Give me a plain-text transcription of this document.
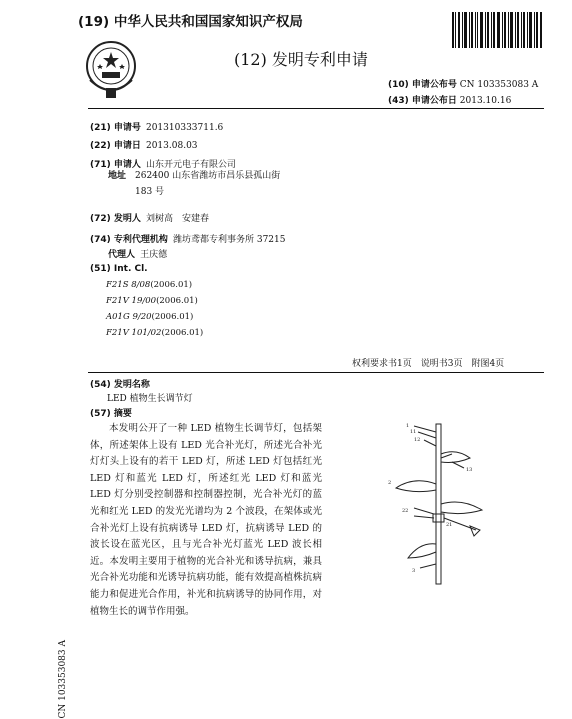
(19) 中华人民共和国国家知识产权局
(12) 发明专利申请
(10) 申请公布号 CN 103353083 A
(43) 申请公布日 2013.10.16
(21) 申请号 201310333711.6
(22) 申请日 2013.08.03
(71) 申请人 山东开元电子有限公司
地址 262400 山东省潍坊市昌乐县孤山街
183 号
(72) 发明人 刘树高　安建春
(74) 专利代理机构 潍坊鸢都专利事务所 37215
代理人 王庆德
(51) Int. Cl.
F21S 8/08(2006.01)
F21V 19/00(2006.01)
A01G 9/20(2006.01)
F21V 101/02(2006.01)
权利要求书1页　说明书3页　附图4页
(54) 发明名称
LED 植物生长调节灯
(57) 摘要
本发明公开了一种 LED 植物生长调节灯，包括架体，所述架体上设有 LED 光合补光灯，所述光合补光灯灯头上设有的若干 LED 灯，所述 LED 灯包括红光 LED 灯和蓝光 LED 灯，所述红光 LED 灯和蓝光 LED 灯分别受控制器和控制器控制，光合补光灯的蓝光和红光 LED 的发光光谱均为 2 个波段，在架体或光合补光灯上设有抗病诱导 LED 灯，抗病诱导 LED 的波长设在蓝光区，且与光合补光灯蓝光 LED 波长相近。本发明主要用于植物的光合补光和诱导抗病，兼具光合补光功能和光诱导抗病功能，能有效提高植株抗病能力和促进光合作用，补光和抗病诱导的协同作用，对植物生长的调节作用强。
1
11
12
13
2
21
22
3
CN 103353083 A
